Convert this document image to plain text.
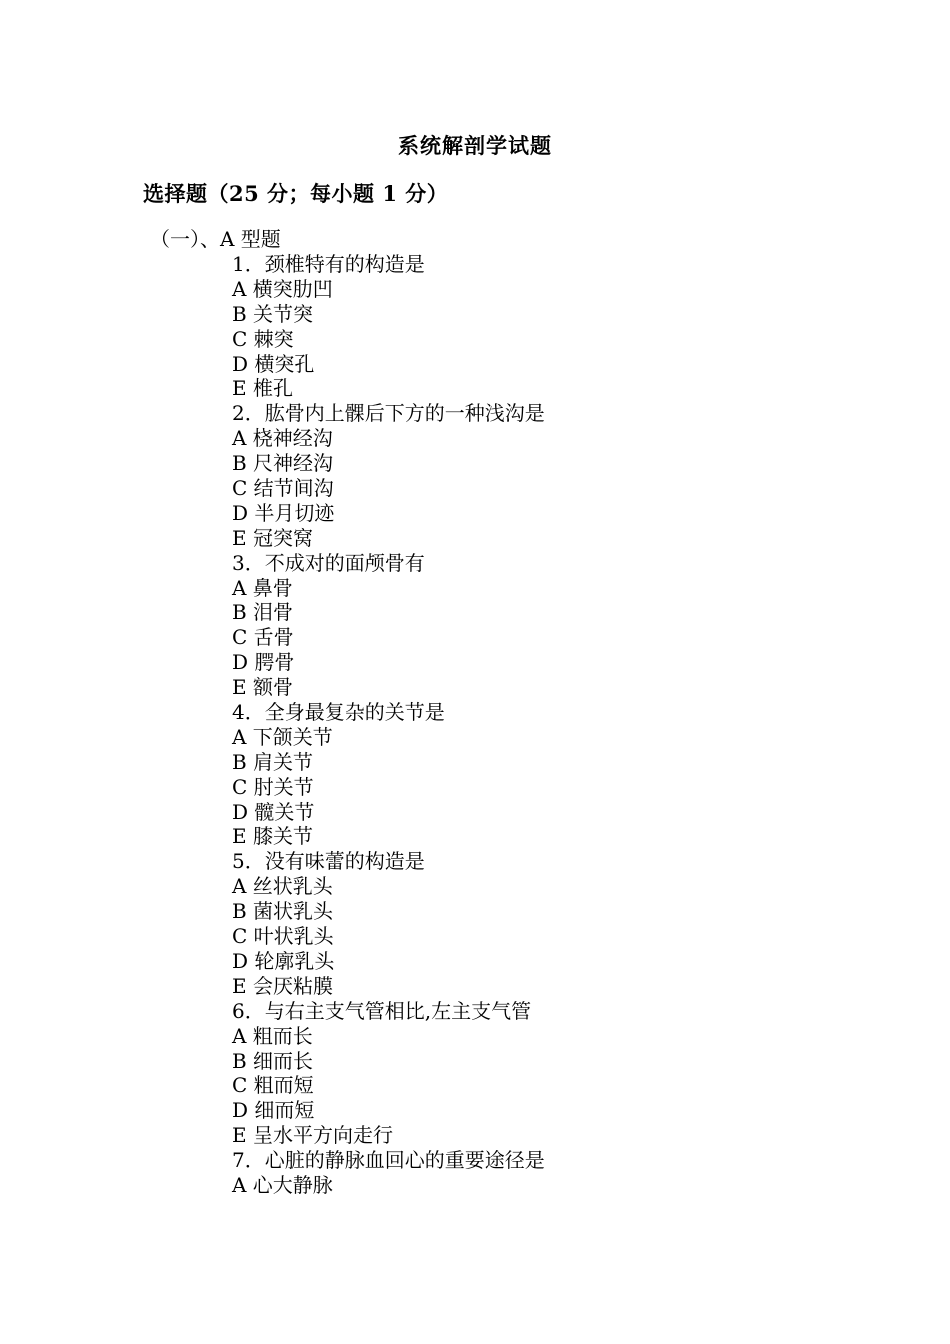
系统解剖学试题
选择题（25 分；每小题 1 分）
（一）、A 型题
1．颈椎特有的构造是
A 横突肋凹
B 关节突
C 棘突
D 横突孔
E 椎孔
2．肱骨内上髁后下方的一种浅沟是
A 桡神经沟
B 尺神经沟
C 结节间沟
D 半月切迹
E 冠突窝
3．不成对的面颅骨有
A 鼻骨
B 泪骨
C 舌骨
D 腭骨
E 额骨
4．全身最复杂的关节是
A 下颌关节
B 肩关节
C 肘关节
D 髋关节
E 膝关节
5．没有味蕾的构造是
A 丝状乳头
B 菌状乳头
C 叶状乳头
D 轮廓乳头
E 会厌粘膜
6．与右主支气管相比,左主支气管
A 粗而长
B 细而长
C 粗而短
D 细而短
E 呈水平方向走行
7．心脏的静脉血回心的重要途径是
A 心大静脉
